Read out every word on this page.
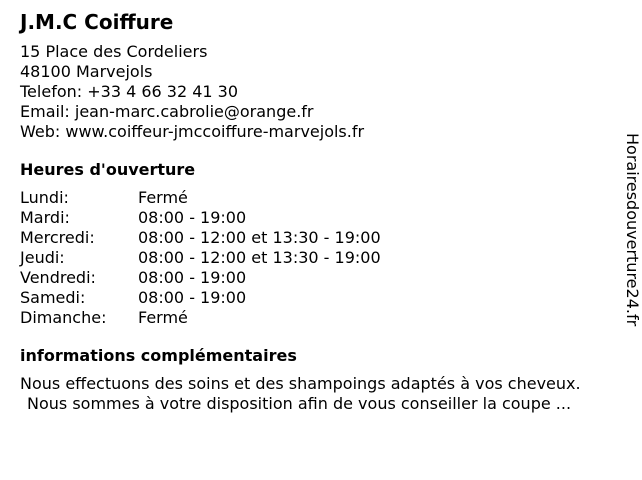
J.M.C Coiffure
15 Place des Cordeliers
48100 Marvejols
Telefon: +33 4 66 32 41 30
Email: jean-marc.cabrolie@orange.fr
Web: www.coiffeur-jmccoiffure-marvejols.fr
Heures d'ouverture
Lundi:	Fermé
Mardi:	08:00 - 19:00
Mercredi:	08:00 - 12:00 et 13:30 - 19:00
Jeudi:	08:00 - 12:00 et 13:30 - 19:00
Vendredi:	08:00 - 19:00
Samedi:	08:00 - 19:00
Dimanche:	Fermé
informations complémentaires
Nous effectuons des soins et des shampoings adaptés à vos cheveux.
Nous sommes à votre disposition afin de vous conseiller la coupe ...
Horairesdouverture24.fr
